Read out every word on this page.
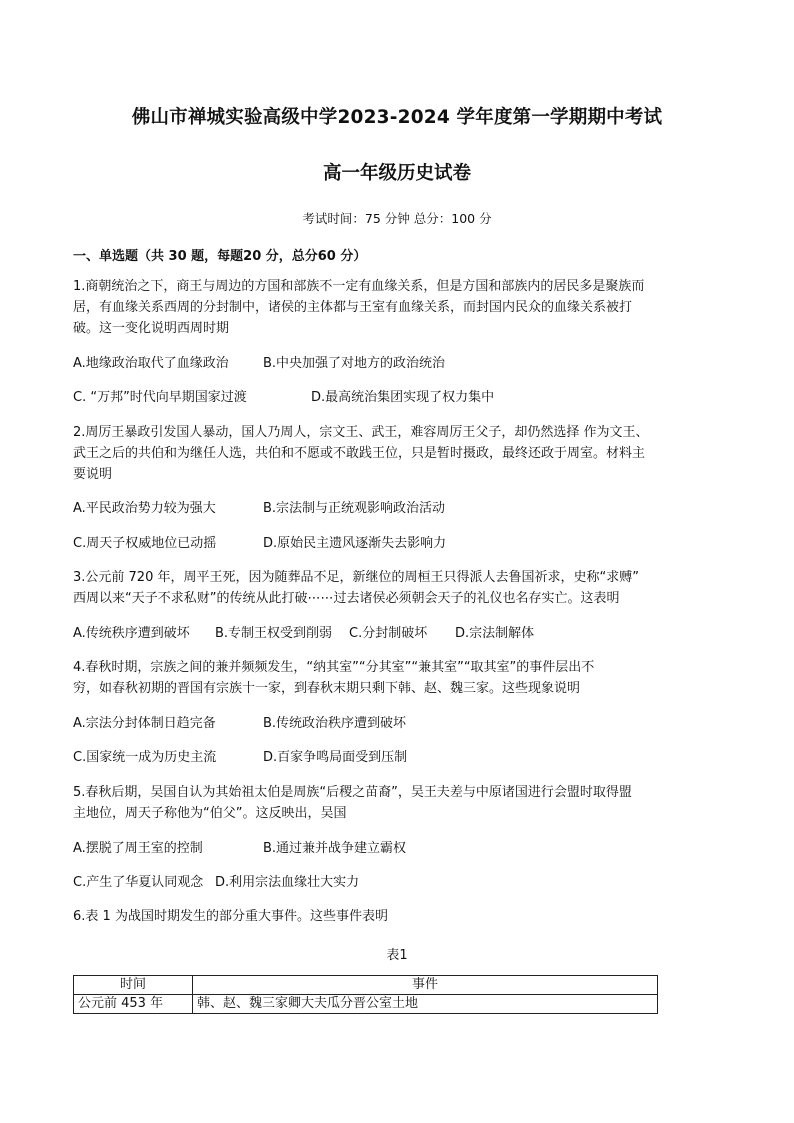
佛山市禅城实验高级中学2023-2024 学年度第一学期期中考试
高一年级历史试卷
考试时间：75 分钟 总分：100 分
一、单选题（共 30 题，每题20 分，总分60 分）
1.商朝统治之下，商王与周边的方国和部族不一定有血缘关系，但是方国和部族内的居民多是聚族而
居，有血缘关系西周的分封制中，诸侯的主体都与王室有血缘关系，而封国内民众的血缘关系被打
破。这一变化说明西周时期
A.地缘政治取代了血缘政治	B.中央加强了对地方的政治统治
C. “万邦”时代向早期国家过渡	D.最高统治集团实现了权力集中
2.周厉王暴政引发国人暴动，国人乃周人，宗文王、武王，难容周厉王父子，却仍然选择 作为文王、
武王之后的共伯和为继任人选，共伯和不愿或不敢践王位，只是暂时摄政，最终还政于周室。材料主
要说明
A.平民政治势力较为强大	B.宗法制与正统观影响政治活动
C.周天子权威地位已动摇	D.原始民主遗风逐渐失去影响力
3.公元前 720 年，周平王死，因为随葬品不足，新继位的周桓王只得派人去鲁国祈求，史称“求赙”
西周以来“天子不求私财”的传统从此打破⋯⋯过去诸侯必须朝会天子的礼仪也名存实亡。这表明
A.传统秩序遭到破坏 B.专制王权受到削弱 C.分封制破坏 D.宗法制解体
4.春秋时期，宗族之间的兼并频频发生，“纳其室”“分其室”“兼其室”“取其室”的事件层出不
穷，如春秋初期的晋国有宗族十一家，到春秋末期只剩下韩、赵、魏三家。这些现象说明
A.宗法分封体制日趋完备	B.传统政治秩序遭到破坏
C.国家统一成为历史主流	D.百家争鸣局面受到压制
5.春秋后期，吴国自认为其始祖太伯是周族“后稷之苗裔”，吴王夫差与中原诸国进行会盟时取得盟
主地位，周天子称他为“伯父”。这反映出，吴国
A.摆脱了周王室的控制	B.通过兼并战争建立霸权
C.产生了华夏认同观念 D.利用宗法血缘壮大实力
6.表 1 为战国时期发生的部分重大事件。这些事件表明
表1
时间	事件
公元前 453 年	韩、赵、魏三家卿大夫瓜分晋公室土地
